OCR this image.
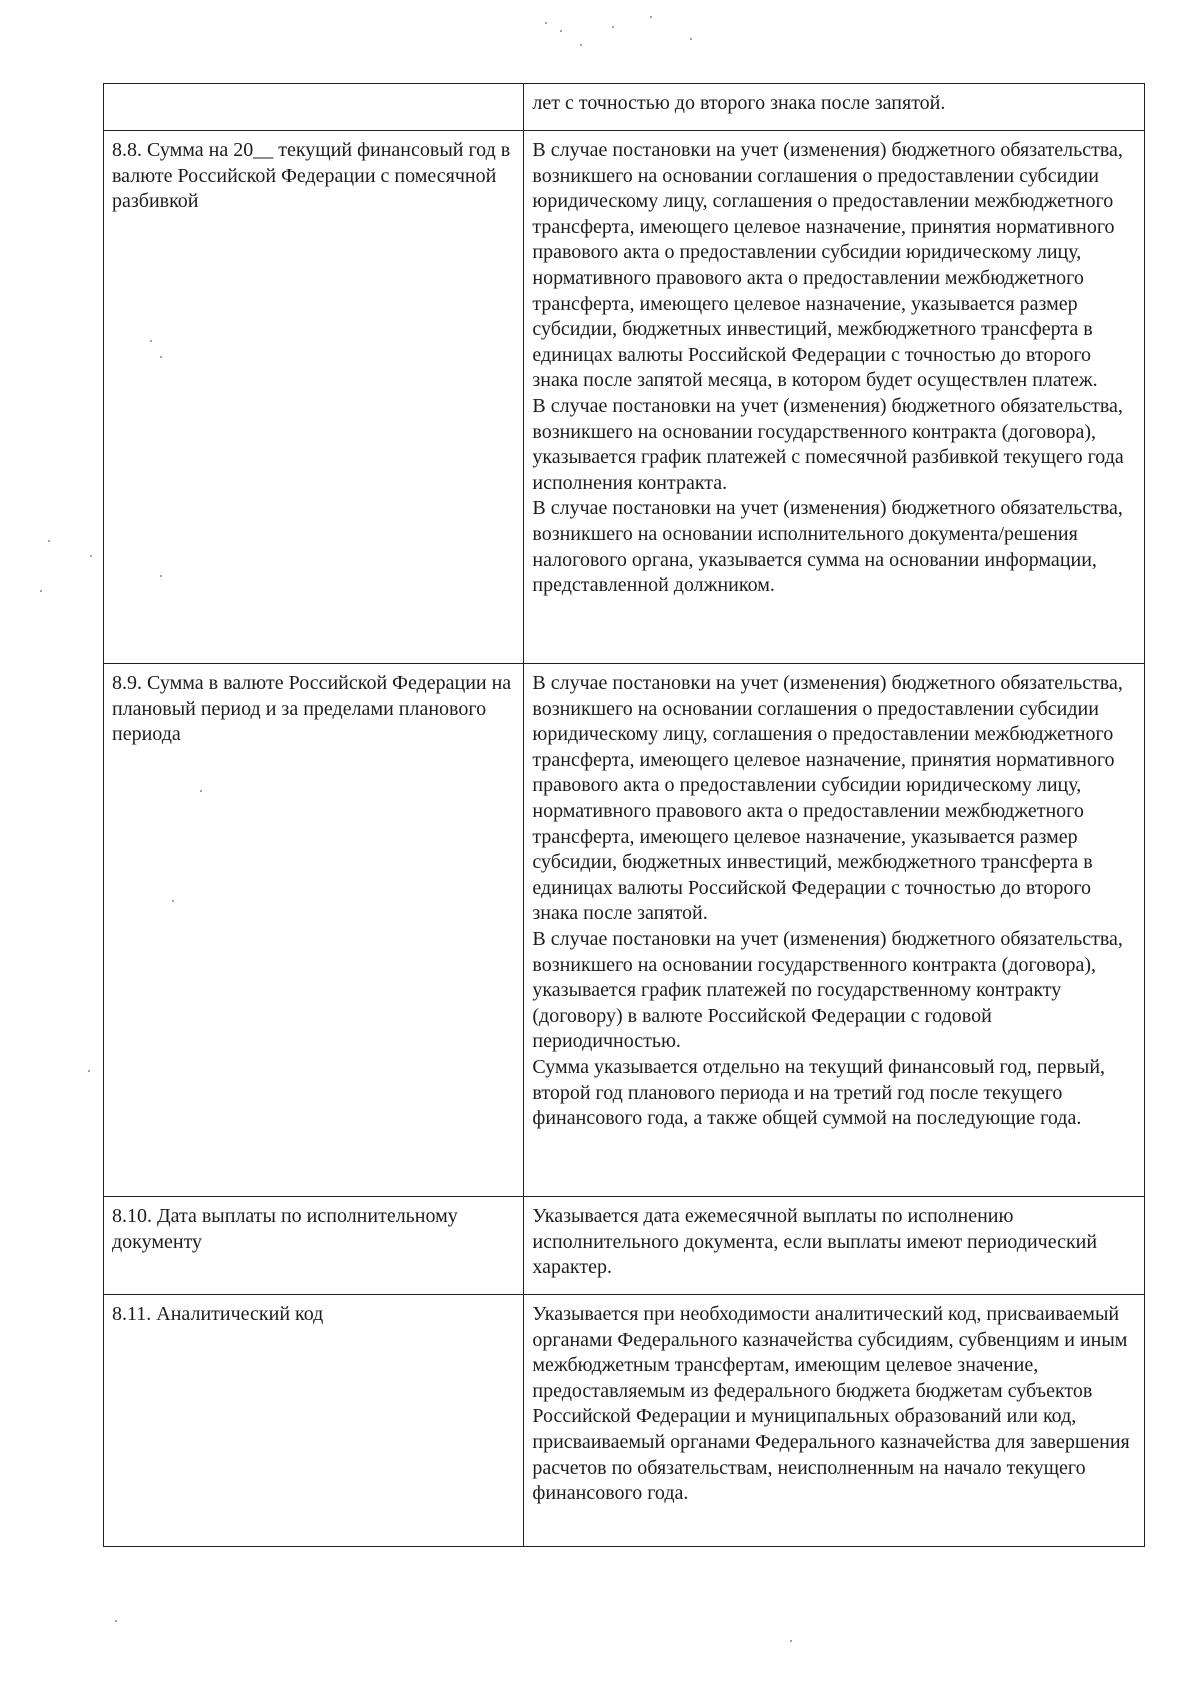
	лет с точностью до второго знака после запятой.

8.8. Сумма на 20__ текущий финансовый год в валюте Российской Федерации с помесячной разбивкой	В случае постановки на учет (изменения) бюджетного обязательства, возникшего на основании соглашения о предоставлении субсидии юридическому лицу, соглашения о предоставлении межбюджетного трансферта, имеющего целевое назначение, принятия нормативного правового акта о предоставлении субсидии юридическому лицу, нормативного правового акта о предоставлении межбюджетного трансферта, имеющего целевое назначение, указывается размер субсидии, бюджетных инвестиций, межбюджетного трансферта в единицах валюты Российской Федерации с точностью до второго знака после запятой месяца, в котором будет осуществлен платеж.
В случае постановки на учет (изменения) бюджетного обязательства, возникшего на основании государственного контракта (договора), указывается график платежей с помесячной разбивкой текущего года исполнения контракта.
В случае постановки на учет (изменения) бюджетного обязательства, возникшего на основании исполнительного документа/решения налогового органа, указывается сумма на основании информации, представленной должником.

8.9. Сумма в валюте Российской Федерации на плановый период и за пределами планового периода	В случае постановки на учет (изменения) бюджетного обязательства, возникшего на основании соглашения о предоставлении субсидии юридическому лицу, соглашения о предоставлении межбюджетного трансферта, имеющего целевое назначение, принятия нормативного правового акта о предоставлении субсидии юридическому лицу, нормативного правового акта о предоставлении межбюджетного трансферта, имеющего целевое назначение, указывается размер субсидии, бюджетных инвестиций, межбюджетного трансферта в единицах валюты Российской Федерации с точностью до второго знака после запятой.
В случае постановки на учет (изменения) бюджетного обязательства, возникшего на основании государственного контракта (договора), указывается график платежей по государственному контракту (договору) в валюте Российской Федерации с годовой периодичностью.
Сумма указывается отдельно на текущий финансовый год, первый, второй год планового периода и на третий год после текущего финансового года, а также общей суммой на последующие года.

8.10. Дата выплаты по исполнительному документу	Указывается дата ежемесячной выплаты по исполнению исполнительного документа, если выплаты имеют периодический характер.

8.11. Аналитический код	Указывается при необходимости аналитический код, присваиваемый органами Федерального казначейства субсидиям, субвенциям и иным межбюджетным трансфертам, имеющим целевое значение, предоставляемым из федерального бюджета бюджетам субъектов Российской Федерации и муниципальных образований или код, присваиваемый органами Федерального казначейства для завершения расчетов по обязательствам, неисполненным на начало текущего финансового года.
